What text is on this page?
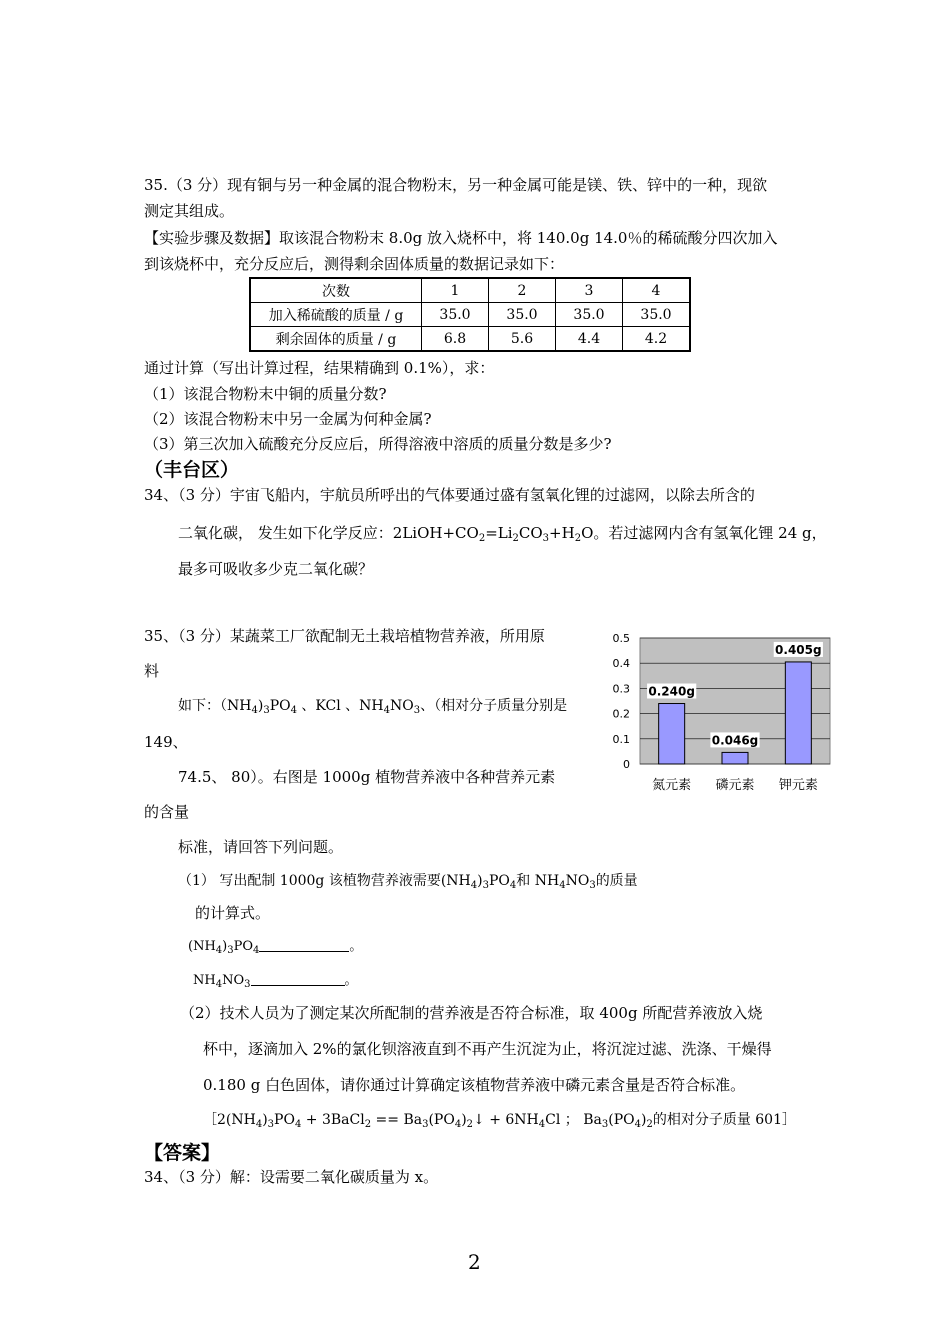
35.（3 分）现有铜与另一种金属的混合物粉末，另一种金属可能是镁、铁、锌中的一种，现欲
测定其组成。
【实验步骤及数据】取该混合物粉末 8.0g 放入烧杯中，将 140.0g 14.0％的稀硫酸分四次加入
到该烧杯中，充分反应后，测得剩余固体质量的数据记录如下：
次数	1	2	3	4
加入稀硫酸的质量 / g	35.0	35.0	35.0	35.0
剩余固体的质量 / g	6.8	5.6	4.4	4.2
通过计算（写出计算过程，结果精确到 0.1%），求：
（1）该混合物粉末中铜的质量分数?
（2）该混合物粉末中另一金属为何种金属?
（3）第三次加入硫酸充分反应后，所得溶液中溶质的质量分数是多少?
（丰台区）
34、（3 分）宇宙飞船内，宇航员所呼出的气体要通过盛有氢氧化锂的过滤网，以除去所含的
二氧化碳， 发生如下化学反应：$2LiOH+CO_2=Li_2CO_3+H_2O$。若过滤网内含有氢氧化锂 24 g，
最多可吸收多少克二氧化碳？
35、（3 分）某蔬菜工厂欲配制无土栽培植物营养液，所用原
料
如下：$(NH_4)_3PO_4$ 、KCl 、$NH_4NO_3$、（相对分子质量分别是
149、
74.5、 80）。右图是 1000g 植物营养液中各种营养元素
的含量
标准，请回答下列问题。
（1） 写出配制 1000g 该植物营养液需要$(NH_4)_3PO_4$和 $NH_4NO_3$的质量
的计算式。
$(NH_4)_3PO_4$	。
$NH_4NO_3$	。
（2）技术人员为了测定某次所配制的营养液是否符合标准，取 400g 所配营养液放入烧
杯中，逐滴加入 2%的氯化钡溶液直到不再产生沉淀为止，将沉淀过滤、洗涤、干燥得
0.180 g 白色固体，请你通过计算确定该植物营养液中磷元素含量是否符合标准。
$[2(NH_4)_3PO_4$ + 3BaCl$_2$ == $Ba_3(PO_4)_2↓ + 6NH_4Cl$ ； $Ba_3(PO_4)_2$的相对分子质量 601］
【答案】
34、（3 分）解：设需要二氧化碳质量为 x。
2
0
0.1
0.2
0.3
0.4
0.5
0.240g
氮元素
0.046g
磷元素
0.405g
钾元素
